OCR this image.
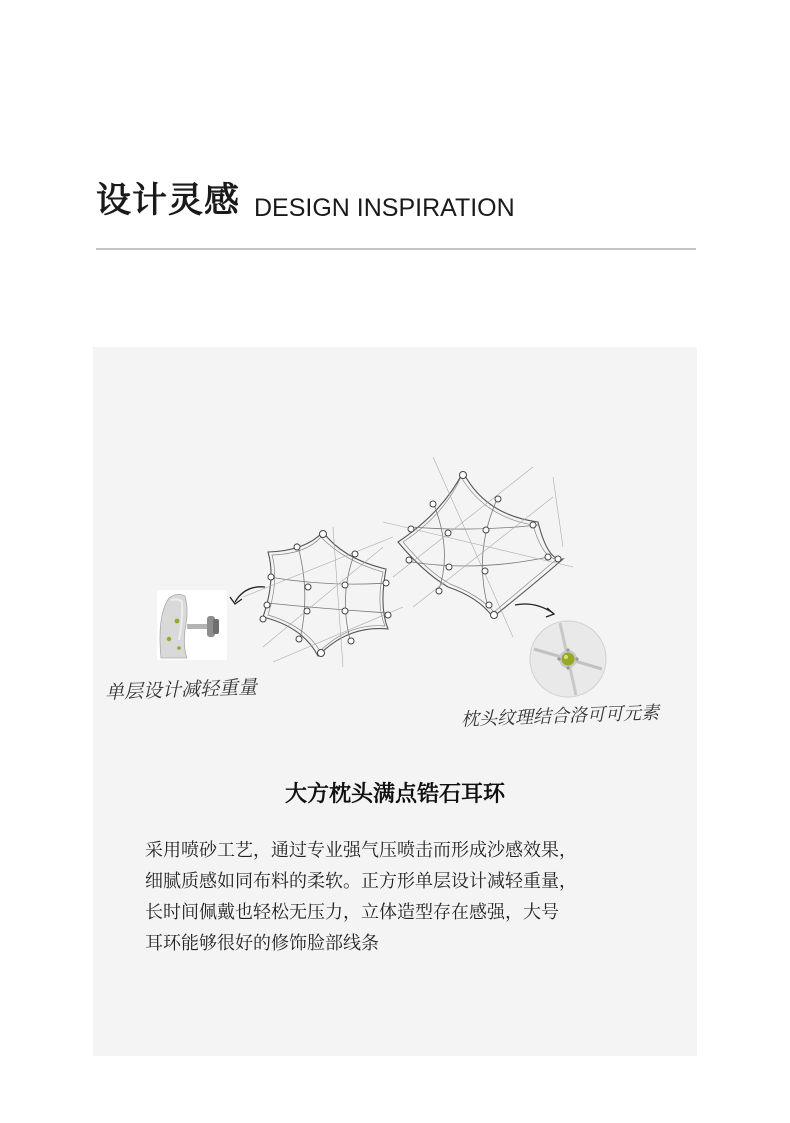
设计灵感 DESIGN INSPIRATION
单层设计减轻重量
枕头纹理结合洛可可元素
大方枕头满点锆石耳环
采用喷砂工艺，通过专业强气压喷击而形成沙感效果，
细腻质感如同布料的柔软。正方形单层设计减轻重量，
长时间佩戴也轻松无压力，立体造型存在感强，大号
耳环能够很好的修饰脸部线条
